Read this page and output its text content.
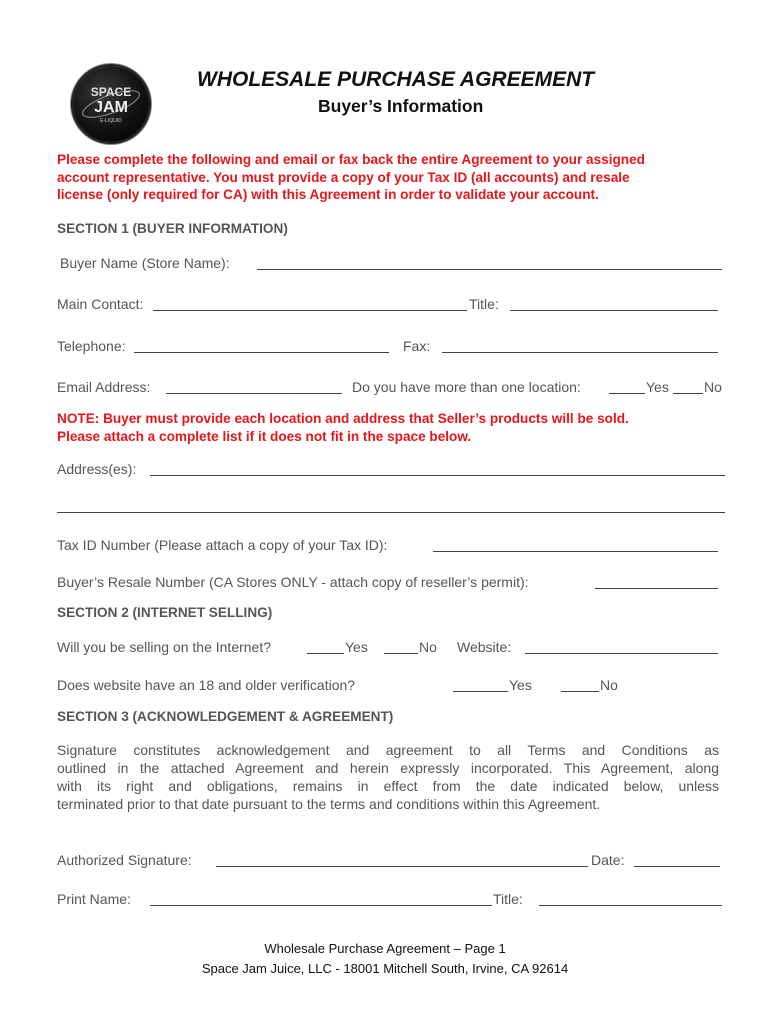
SPACE
JAM
E-LIQUID
WHOLESALE PURCHASE AGREEMENT
Buyer’s Information
Please complete the following and email or fax back the entire Agreement to your assigned
account representative. You must provide a copy of your Tax ID (all accounts) and resale
license (only required for CA) with this Agreement in order to validate your account.
SECTION 1 (BUYER INFORMATION)
Buyer Name (Store Name):
Main Contact:	Title:
Telephone:	Fax:
Email Address:	Do you have more than one location:	Yes	No
NOTE: Buyer must provide each location and address that Seller’s products will be sold.
Please attach a complete list if it does not fit in the space below.
Address(es):
Tax ID Number (Please attach a copy of your Tax ID):
Buyer’s Resale Number (CA Stores ONLY - attach copy of reseller’s permit):
SECTION 2 (INTERNET SELLING)
Will you be selling on the Internet?	Yes	No Website:
Does website have an 18 and older verification?	Yes	No
SECTION 3 (ACKNOWLEDGEMENT & AGREEMENT)
Signature constitutes acknowledgement and agreement to all Terms and Conditions as
outlined in the attached Agreement and herein expressly incorporated. This Agreement, along
with its right and obligations, remains in effect from the date indicated below, unless
terminated prior to that date pursuant to the terms and conditions within this Agreement.
Authorized Signature:	Date:
Print Name:	Title:
Wholesale Purchase Agreement – Page 1
Space Jam Juice, LLC - 18001 Mitchell South, Irvine, CA 92614
